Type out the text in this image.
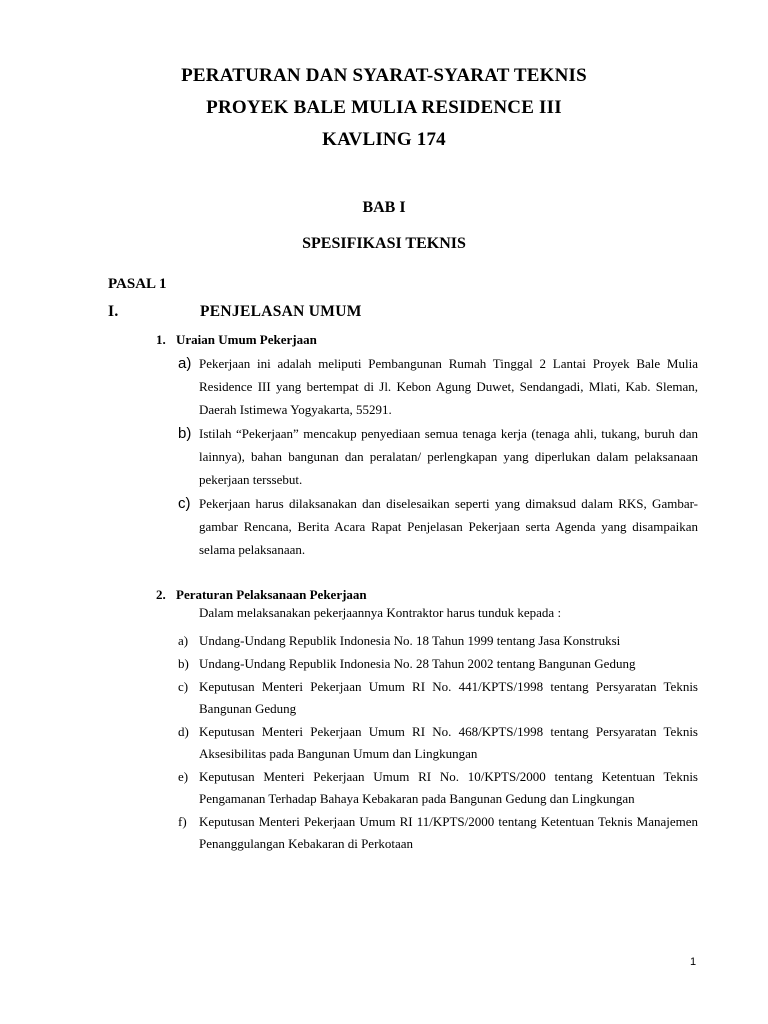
PERATURAN DAN SYARAT-SYARAT TEKNIS
PROYEK BALE MULIA RESIDENCE III
KAVLING 174
BAB I
SPESIFIKASI TEKNIS
PASAL 1
I.	PENJELASAN UMUM
1. Uraian Umum Pekerjaan
a) Pekerjaan ini adalah meliputi Pembangunan Rumah Tinggal 2 Lantai Proyek Bale Mulia Residence III yang bertempat di Jl. Kebon Agung Duwet, Sendangadi, Mlati, Kab. Sleman, Daerah Istimewa Yogyakarta, 55291.
b) Istilah “Pekerjaan” mencakup penyediaan semua tenaga kerja (tenaga ahli, tukang, buruh dan lainnya), bahan bangunan dan peralatan/ perlengkapan yang diperlukan dalam pelaksanaan pekerjaan terssebut.
c) Pekerjaan harus dilaksanakan dan diselesaikan seperti yang dimaksud dalam RKS, Gambar-gambar Rencana, Berita Acara Rapat Penjelasan Pekerjaan serta Agenda yang disampaikan selama pelaksanaan.
2. Peraturan Pelaksanaan Pekerjaan
Dalam melaksanakan pekerjaannya Kontraktor harus tunduk kepada :
a) Undang-Undang Republik Indonesia No. 18 Tahun 1999 tentang Jasa Konstruksi
b) Undang-Undang Republik Indonesia No. 28 Tahun 2002 tentang Bangunan Gedung
c) Keputusan Menteri Pekerjaan Umum RI No. 441/KPTS/1998 tentang Persyaratan Teknis Bangunan Gedung
d) Keputusan Menteri Pekerjaan Umum RI No. 468/KPTS/1998 tentang Persyaratan Teknis Aksesibilitas pada Bangunan Umum dan Lingkungan
e) Keputusan Menteri Pekerjaan Umum RI No. 10/KPTS/2000 tentang Ketentuan Teknis Pengamanan Terhadap Bahaya Kebakaran pada Bangunan Gedung dan Lingkungan
f) Keputusan Menteri Pekerjaan Umum RI 11/KPTS/2000 tentang Ketentuan Teknis Manajemen Penanggulangan Kebakaran di Perkotaan
1
